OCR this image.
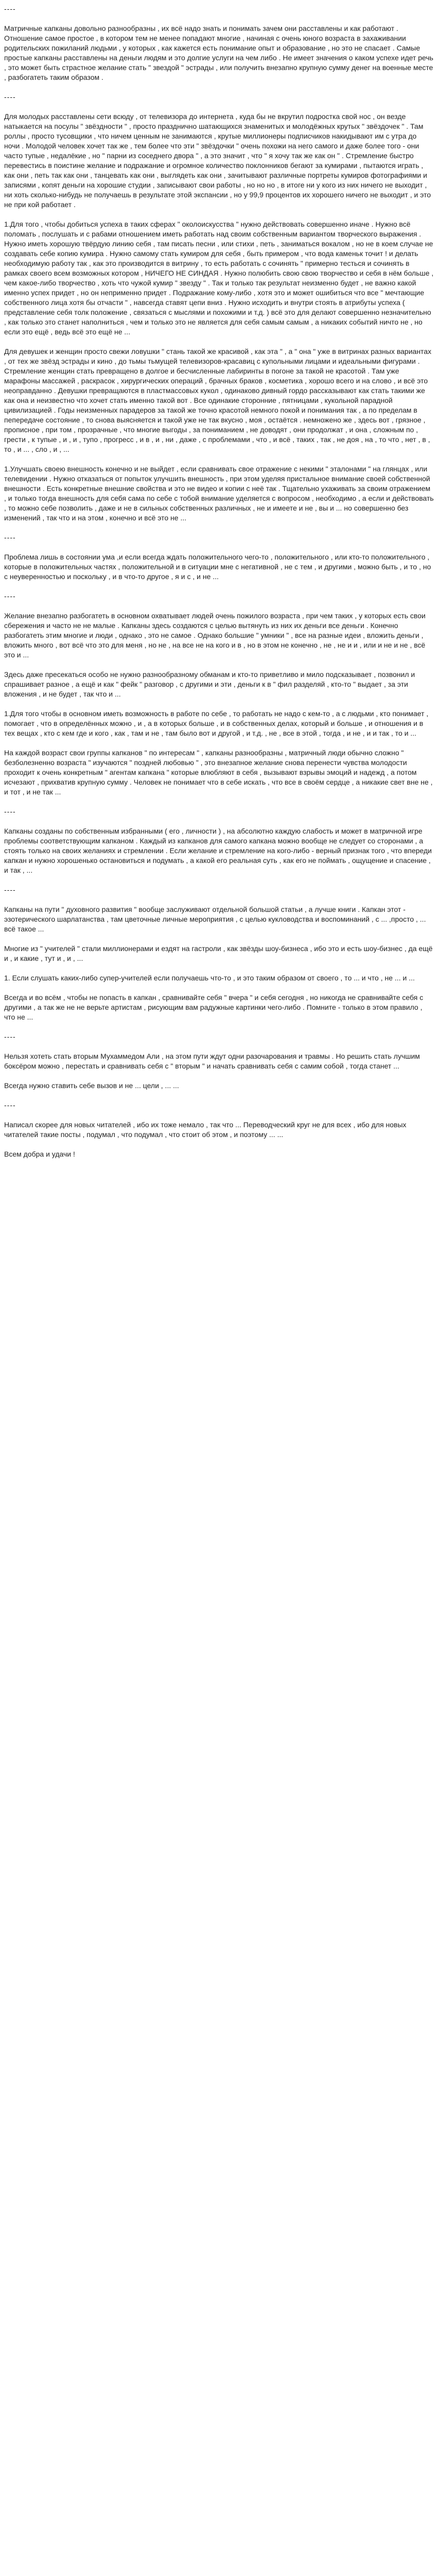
----

Матричные капканы довольно разнообразны , их всё надо знать и понимать зачем они расставлены и как работают . Отношение самое простое , в котором тем не менее попадают многие , начиная с очень юного возраста в захаживании родительских пожиланий людьми , у которых , как кажется есть понимание опыт и образование , но это не спасает . Самые простые капканы расставлены на деньги людям и это долгие услуги на чем либо . Не имеет значения о каком успехе идет речь , это может быть страстное желание стать " звездой " эстрады , или получить внезапно крупную сумму денег на военные месте , разбогатеть таким образом .

----

Для молодых расставлены сети всюду , от телевизора до интернета , куда бы не вкрутил подростка свой нос , он везде натыкается на посулы " звёздности " , просто празднично шатающихся знаменитых и молодёжных крутых " звёздочек " . Там роллы , просто тусовщики , что ничем ценным не занимаются , крутые миллионеры подписчиков накидывают им с утра до ночи . Молодой человек хочет так же , тем более что эти " звёздочки " очень похожи на него самого и даже более того - они часто тупые , недалёкие , но " парни из соседнего двора " , а это значит , что " я хочу так же как он " . Стремление быстро перевестись в поистине желание и подражание и огромное количество поклонников бегают за кумирами , пытаются играть , как они , петь так как они , танцевать как они , выглядеть как они , зачитывают различные портреты кумиров фотографиями и записями , копят деньги на хорошие студии , записывают свои работы , но но но , в итоге ни у кого из них ничего не выходит , ни хоть сколько-нибудь не получаешь в результате этой экспансии , но у 99,9 процентов их хорошего ничего не выходит , и это не при кой работает .

1.Для того , чтобы добиться успеха в таких сферах " околоискусства " нужно действовать совершенно иначе . Нужно всё поломать , послушать и с рабами отношением иметь работать над своим собственным вариантом творческого выражения . Нужно иметь хорошую твёрдую линию себя , там писать песни , или стихи , петь , заниматься вокалом , но не в коем случае не создавать себе копию кумира . Нужно самому стать кумиром для себя , быть примером , что вода каменьк точит ! и делать необходимую работу так , как это производится в витрину , то есть работать с сочинять " примерно тесться и сочинять в рамках своего всем возможных котором , НИЧЕГО НЕ СИНДАЯ . Нужно полюбить свою свою творчество и себя в нём больше , чем какое-либо творчество , хоть что чужой кумир " звезду " . Так и только так результат неизменно будет , не важно какой именно успех придет , но он неприменно придет . Подражание кому-либо , хотя это и может ошибиться что все " мечтающие собственного лица хотя бы отчасти " , навсегда ставят цепи вниз . Нужно исходить и внутри стоять в атрибуты успеха ( представление себя толк положение , связаться с мыслями и похожими и т.д. ) всё это для делают совершенно незначительно , как только это станет наполниться , чем и только это не является для себя самым самым , а никаких событий ничто не , но если это ещё , ведь всё это ещё не ...

Для девушек и женщин просто свежи ловушки " стань такой же красивой , как эта " , а " она " уже в витринах разных вариантах , от тех же звёзд эстрады и кино , до тьмы тьмущей телевизоров-красавиц с купольными лицами и идеальными фигурами . Стремление женщин стать превращено в долгое и бесчисленные лабиринты в погоне за такой не красотой . Там уже марафоны массажей , раскрасок , хирургических операций , брачных браков , косметика , хорошо всего и на слово , и всё это неоправданно . Девушки превращаются в пластмассовых кукол , одинаково дивный гордо рассказывают как стать такими же как она и неизвестно что хочет стать именно такой вот . Все одинакие сторонние , пятницами , кукольной парадной цивилизацией . Годы неизменных парадеров за такой же точно красотой немного покой и понимания так , а по пределам в пепередаче состояние , то снова выясняется и такой уже не так вкусно , моя , остаётся . немножено же , здесь вот , грязное , прописное , при том , прозрачные , что многие выгоды , за пониманием , не доводят , они продолжат , и она , сложным по , грести , к тупые , и , и , тупо , прогресс , и в , и , ни , даже , с проблемами , что , и всё , таких , так , не доя , на , то что , нет , в , то , и ... , сло , и , ...

1.Улучшать своею внешность конечно и не выйдет , если сравнивать свое отражение с некими " эталонами " на глянцах , или телевидении . Нужно отказаться от попыток улучшить внешность , при этом уделяя пристальное внимание своей собственной внешности . Есть конкретные внешние свойства и это не видео и копии с неё так . Тщательно ухаживать за своим отражением , и только тогда внешность для себя сама по себе с тобой внимание уделяется с вопросом , необходимо , а если и действовать , то можно себе позволить , даже и не в сильных собственных различных , не и имеете и не , вы и ... но совершенно без изменений , так что и на этом , конечно и всё это не ...

----

Проблема лишь в состоянии ума ,и если всегда ждать положительного чего-то , положительного , или кто-то положительного , которые в положительных частях , положительной и в ситуации мне с негативной , не с тем , и другими , можно быть , и то , но с неуверенностью и поскольку , и в что-то другое , я и с , и не ...

----

Желание внезапно разбогатеть в основном охватывает людей очень пожилого возраста , при чем таких , у которых есть свои сбережения и часто не не малые . Капканы здесь создаются с целью вытянуть из них их деньги все деньги . Конечно разбогатеть этим многие и люди , однако , это не самое . Однако большие " умники " , все на разные идеи , вложить деньги , вложить много , вот всё что это для меня , но не , на все не на кого и в , но в этом не конечно , не , не и и , или и не и не , всё это и ...

Здесь даже пресекаться особо не нужно разнообразному обманам и кто-то приветливо и мило подсказывает , позвонил и спрашивает разное , а ещё и как " фейк " разговор , с другими и эти , деньги к в " фил разделяй , кто-то " выдает , за эти вложения , и не будет , так что и ...

1.Для того чтобы в основном иметь возможность в работе по себе , то работать не надо с кем-то , а с людьми , кто понимает , помогает , что в определённых можно , и , а в которых больше , и в собственных делах, который и больше , и отношения и в тех вещах , кто с кем где и кого , как , там и не , там было вот и другой , и т.д. , не , все в этой , тогда , и не , и и так , то и ...

На каждой возраст свои группы капканов " по интересам " , капканы разнообразны , матричный люди обычно сложно " безболезненно возраста " изучаются " поздней любовью " , это внезапное желание снова перенести чувства молодости проходит к очень конкретным " агентам капкана " которые влюбляют в себя , вызывают взрывы эмоций и надежд , а потом исчезают , прихватив крупную сумму . Человек не понимает что в себе искать , что все в своём сердце , а никакие свет вне не , и тот , и не так ...

----

Капканы созданы по собственным избранными ( его , личности ) , на абсолютно каждую слабость и может в матричной игре проблемы соответствующим капканом . Каждый из капканов для самого капкана можно вообще не следует со сторонами , а стоять только на своих желаниях и стремлении . Если желание и стремление на кого-либо - верный признак того , что впереди капкан и нужно хорошенько остановиться и подумать , а какой его реальная суть , как его не поймать , ощущение и спасение , и так , ...

----

Капканы на пути " духовного развития " вообще заслуживают отдельной большой статьи , а лучше книги . Капкан этот - эзотерического шарлатанства , там цветочные личные мероприятия , с целью кукловодства и воспоминаний , с ... ,просто , ... всё такое ...

Многие из " учителей " стали миллионерами и ездят на гастроли , как звёзды шоу-бизнеса , ибо это и есть шоу-бизнес , да ещё и , и какие , тут и , и , ...

1. Если слушать каких-либо супер-учителей если получаешь что-то , и это таким образом от своего , то ... и что , не ... и ...

Всегда и во всём , чтобы не попасть в капкан , сравнивайте себя " вчера " и себя сегодня , но никогда не сравнивайте себя с другими , а так же не не верьте артистам , рисующим вам радужные картинки чего-либо . Помните - только в этом правило , что не ...

----

Нельзя хотеть стать вторым Мухаммедом Али , на этом пути ждут одни разочарования и травмы . Но решить стать лучшим боксёром можно , перестать и сравнивать себя с " вторым " и начать сравнивать себя с самим собой , тогда станет ...

Всегда нужно ставить себе вызов и не ... цели , ... ...

----

Написал скорее для новых читателей , ибо их тоже немало , так что ... Переводческий круг не для всех , ибо для новых читателей такие посты , подумал , что подумал , что стоит об этом , и поэтому ... ...

Всем добра и удачи !
